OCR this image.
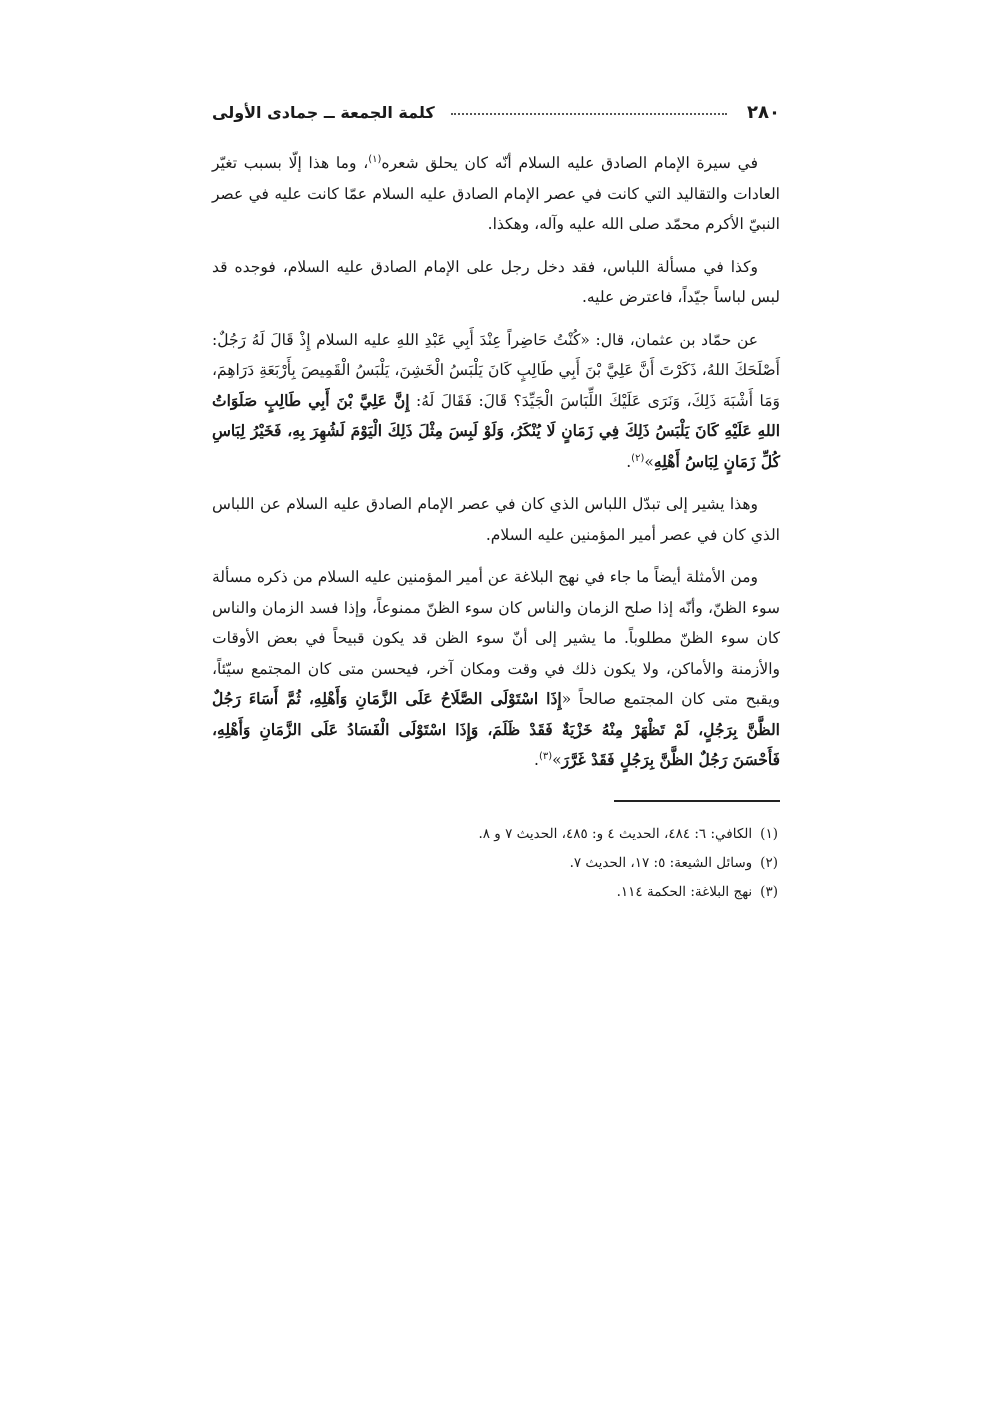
٢٨٠
كلمة الجمعة ــ جمادى الأولى

في سيرة الإمام الصادق عليه السلام أنّه كان يحلق شعره$^{(١)}$، وما هذا إلّا بسبب تغيّر العادات والتقاليد التي كانت في عصر الإمام الصادق عليه السلام عمّا كانت عليه في عصر النبيّ الأكرم محمّد صلى الله عليه وآله، وهكذا.

وكذا في مسألة اللباس، فقد دخل رجل على الإمام الصادق عليه السلام، فوجده قد لبس لباساً جيّداً، فاعترض عليه.

عن حمّاد بن عثمان، قال: «كُنْتُ حَاضِراً عِنْدَ أَبِي عَبْدِ اللهِ عليه السلام إِذْ قَالَ لَهُ رَجُلٌ: أَصْلَحَكَ اللهُ، ذَكَرْتَ أَنَّ عَلِيَّ بْنَ أَبِي طَالِبٍ كَانَ يَلْبَسُ الْخَشِنَ، يَلْبَسُ الْقَمِيصَ بِأَرْبَعَةِ دَرَاهِمَ، وَمَا أَشْبَهَ ذَلِكَ، وَنَرَى عَلَيْكَ اللِّبَاسَ الْجَيِّدَ؟ قَالَ: فَقَالَ لَهُ: إِنَّ عَلِيَّ بْنَ أَبِي طَالِبٍ صَلَوَاتُ اللهِ عَلَيْهِ كَانَ يَلْبَسُ ذَلِكَ فِي زَمَانٍ لَا يُنْكَرُ، وَلَوْ لَبِسَ مِثْلَ ذَلِكَ الْيَوْمَ لَشُهِرَ بِهِ، فَخَيْرُ لِبَاسِ كُلِّ زَمَانٍ لِبَاسُ أَهْلِهِ»$^{(٢)}$.

وهذا يشير إلى تبدّل اللباس الذي كان في عصر الإمام الصادق عليه السلام عن اللباس الذي كان في عصر أمير المؤمنين عليه السلام.

ومن الأمثلة أيضاً ما جاء في نهج البلاغة عن أمير المؤمنين عليه السلام من ذكره مسألة سوء الظنّ، وأنّه إذا صلح الزمان والناس كان سوء الظنّ ممنوعاً، وإذا فسد الزمان والناس كان سوء الظنّ مطلوباً. ما يشير إلى أنّ سوء الظن قد يكون قبيحاً في بعض الأوقات والأزمنة والأماكن، ولا يكون ذلك في وقت ومكان آخر، فيحسن متى كان المجتمع سيّئاً، ويقبح متى كان المجتمع صالحاً «إِذَا اسْتَوْلَى الصَّلَاحُ عَلَى الزَّمَانِ وَأَهْلِهِ، ثُمَّ أَسَاءَ رَجُلٌ الظَّنَّ بِرَجُلٍ، لَمْ تَظْهَرْ مِنْهُ خَزْيَةٌ فَقَدْ ظَلَمَ، وَإِذَا اسْتَوْلَى الْفَسَادُ عَلَى الزَّمَانِ وَأَهْلِهِ، فَأَحْسَنَ رَجُلٌ الظَّنَّ بِرَجُلٍ فَقَدْ غَرَّرَ»$^{(٣)}$.

(١)الكافي: ٦: ٤٨٤، الحديث ٤ و: ٤٨٥، الحديث ٧ و ٨.
(٢)وسائل الشيعة: ٥: ١٧، الحديث ٧.
(٣)نهج البلاغة: الحكمة ١١٤.
